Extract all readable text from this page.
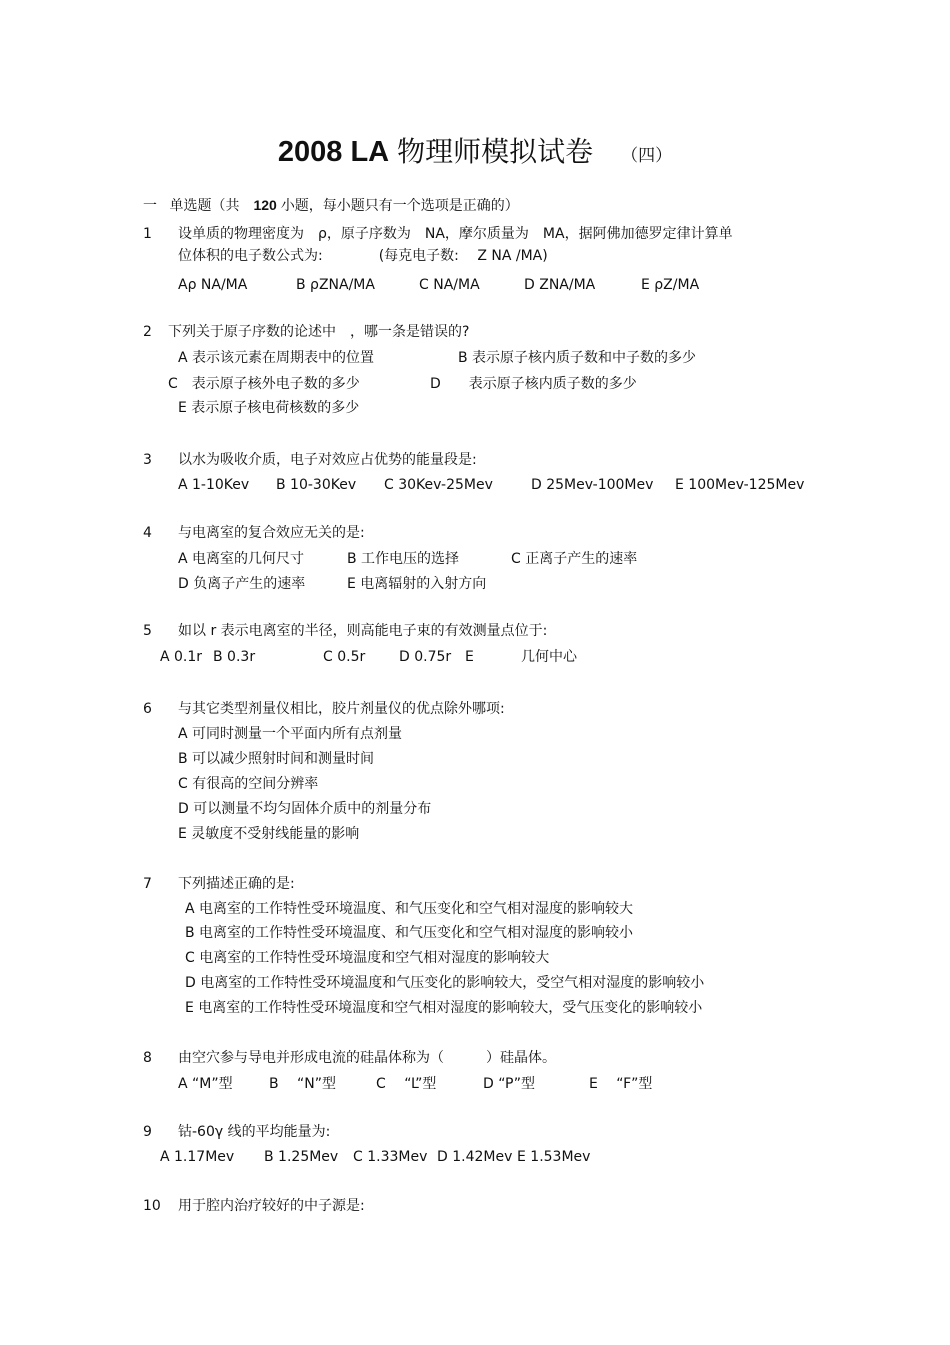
2008 LA 物理师模拟试卷 （四）
一 单选题（共 120 小题，每小题只有一个选项是正确的）
1 设单质的物理密度为　ρ，原子序数为　NA，摩尔质量为　MA，据阿佛加德罗定律计算单
位体积的电子数公式为:　　　　(每克电子数:　 Z NA /MA)
Aρ NA/MA	B ρZNA/MA	C NA/MA	D ZNA/MA	E ρZ/MA
2 下列关于原子序数的论述中　，哪一条是错误的?
A 表示该元素在周期表中的位置	B 表示原子核内质子数和中子数的多少
C　表示原子核外电子数的多少	D　　表示原子核内质子数的多少
E 表示原子核电荷核数的多少
3 以水为吸收介质，电子对效应占优势的能量段是:
A 1-10Kev B 10-30Kev C 30Kev-25Mev	D 25Mev-100Mev E 100Mev-125Mev
4 与电离室的复合效应无关的是:
A 电离室的几何尺寸	B 工作电压的选择	C 正离子产生的速率
D 负离子产生的速率	E 电离辐射的入射方向
5 如以 r 表示电离室的半径，则高能电子束的有效测量点位于:
A 0.1r B 0.3r	C 0.5r D 0.75r E	几何中心
6 与其它类型剂量仪相比，胶片剂量仪的优点除外哪项:
A 可同时测量一个平面内所有点剂量
B 可以减少照射时间和测量时间
C 有很高的空间分辨率
D 可以测量不均匀固体介质中的剂量分布
E 灵敏度不受射线能量的影响
7 下列描述正确的是:
A 电离室的工作特性受环境温度、和气压变化和空气相对湿度的影响较大
B 电离室的工作特性受环境温度、和气压变化和空气相对湿度的影响较小
C 电离室的工作特性受环境温度和空气相对湿度的影响较大
D 电离室的工作特性受环境温度和气压变化的影响较大，受空气相对湿度的影响较小
E 电离室的工作特性受环境温度和空气相对湿度的影响较大，受气压变化的影响较小
8 由空穴参与导电并形成电流的硅晶体称为（　　　）硅晶体。
A “M”型	B　 “N”型	C　 “L”型	D “P”型	E　 “F”型
9 钴-60γ 线的平均能量为:
A 1.17Mev B 1.25Mev C 1.33Mev D 1.42Mev E 1.53Mev
10 用于腔内治疗较好的中子源是:
